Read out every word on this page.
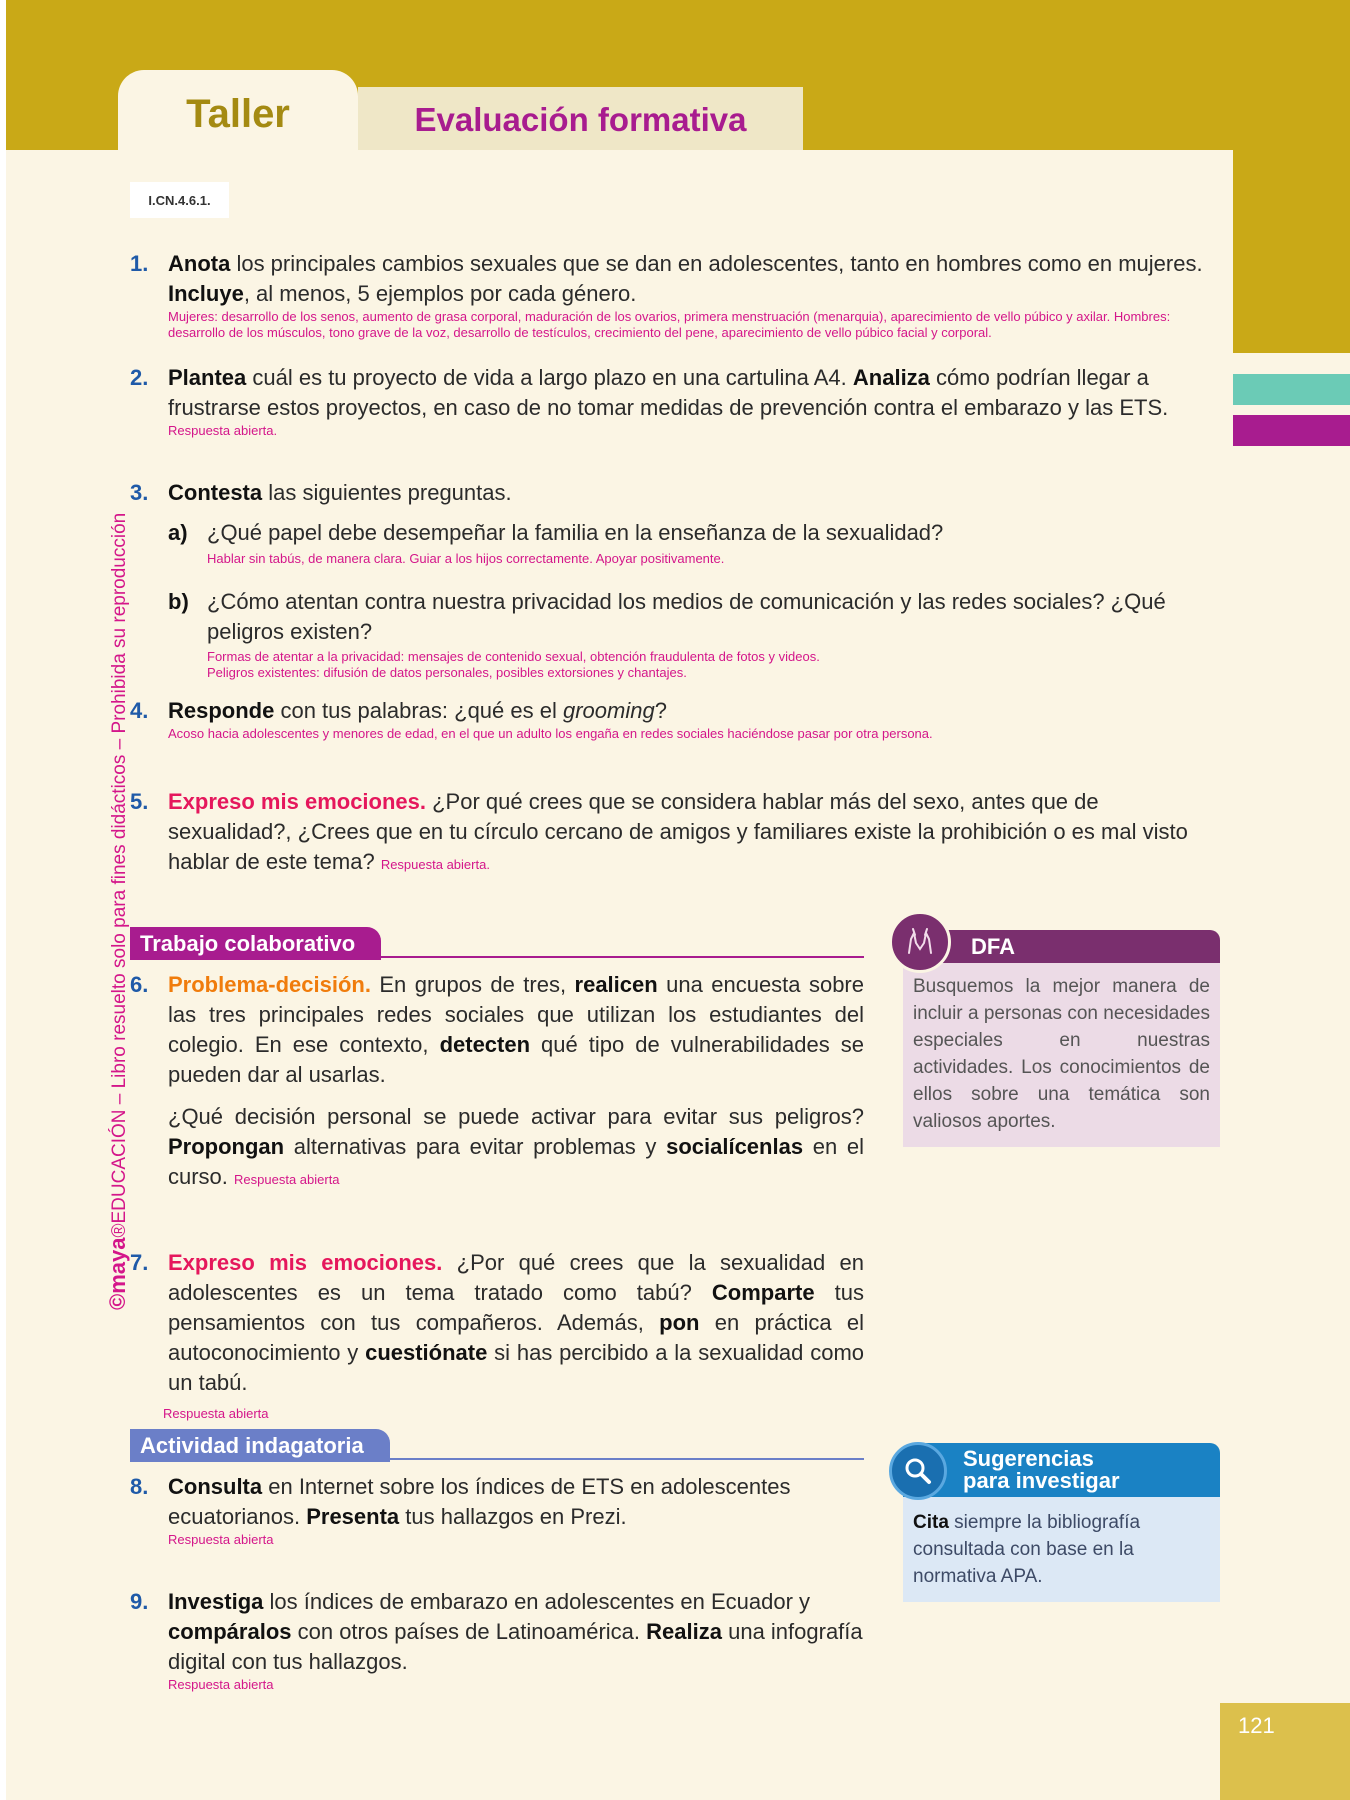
Taller	Evaluación formativa
I.CN.4.6.1.
©maya®EDUCACIÓN – Libro resuelto solo para fines didácticos – Prohibida su reproducción
1. Anota los principales cambios sexuales que se dan en adolescentes, tanto en hombres como en mujeres.
Incluye, al menos, 5 ejemplos por cada género.
Mujeres: desarrollo de los senos, aumento de grasa corporal, maduración de los ovarios, primera menstruación (menarquia), aparecimiento de vello púbico y axilar. Hombres: desarrollo de los músculos, tono grave de la voz, desarrollo de testículos, crecimiento del pene, aparecimiento de vello púbico facial y corporal.
2. Plantea cuál es tu proyecto de vida a largo plazo en una cartulina A4. Analiza cómo podrían llegar a frustrarse estos proyectos, en caso de no tomar medidas de prevención contra el embarazo y las ETS.
Respuesta abierta.
3. Contesta las siguientes preguntas.
a) ¿Qué papel debe desempeñar la familia en la enseñanza de la sexualidad?
Hablar sin tabús, de manera clara. Guiar a los hijos correctamente. Apoyar positivamente.
b) ¿Cómo atentan contra nuestra privacidad los medios de comunicación y las redes sociales? ¿Qué peligros existen?
Formas de atentar a la privacidad: mensajes de contenido sexual, obtención fraudulenta de fotos y videos.
Peligros existentes: difusión de datos personales, posibles extorsiones y chantajes.
4. Responde con tus palabras: ¿qué es el grooming?
Acoso hacia adolescentes y menores de edad, en el que un adulto los engaña en redes sociales haciéndose pasar por otra persona.
5. Expreso mis emociones. ¿Por qué crees que se considera hablar más del sexo, antes que de sexualidad?, ¿Crees que en tu círculo cercano de amigos y familiares existe la prohibición o es mal visto hablar de este tema? Respuesta abierta.
Trabajo colaborativo
6. Problema-decisión. En grupos de tres, realicen una encuesta sobre las tres principales redes sociales que utilizan los estudiantes del colegio. En ese contexto, detecten qué tipo de vulnerabilidades se pueden dar al usarlas.
¿Qué decisión personal se puede activar para evitar sus peligros? Propongan alternativas para evitar problemas y socialícenlas en el curso. Respuesta abierta
DFA
Busquemos la mejor manera de incluir a personas con necesidades especiales en nuestras actividades. Los conocimientos de ellos sobre una temática son valiosos aportes.
7. Expreso mis emociones. ¿Por qué crees que la sexualidad en adolescentes es un tema tratado como tabú? Comparte tus pensamientos con tus compañeros. Además, pon en práctica el autoconocimiento y cuestiónate si has percibido a la sexualidad como un tabú.
Respuesta abierta
Actividad indagatoria
8. Consulta en Internet sobre los índices de ETS en adolescentes ecuatorianos. Presenta tus hallazgos en Prezi.
Respuesta abierta
Sugerencias
para investigar
Cita siempre la bibliografía consultada con base en la normativa APA.
9. Investiga los índices de embarazo en adolescentes en Ecuador y compáralos con otros países de Latinoamérica. Realiza una infografía digital con tus hallazgos.
Respuesta abierta
121
